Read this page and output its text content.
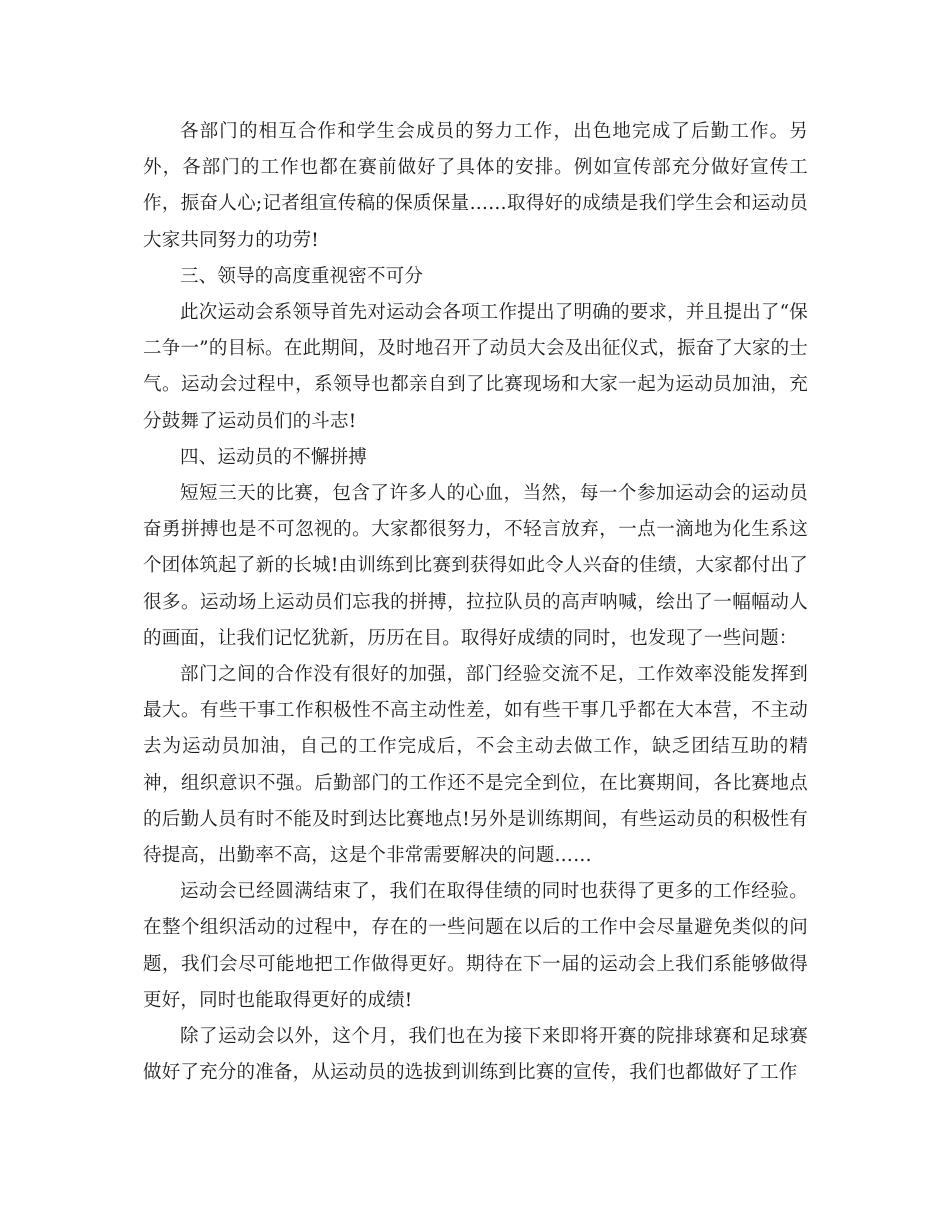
各部门的相互合作和学生会成员的努力工作，出色地完成了后勤工作。另外，各部门的工作也都在赛前做好了具体的安排。例如宣传部充分做好宣传工作，振奋人心;记者组宣传稿的保质保量……取得好的成绩是我们学生会和运动员大家共同努力的功劳!

三、领导的高度重视密不可分

此次运动会系领导首先对运动会各项工作提出了明确的要求，并且提出了“保二争一”的目标。在此期间，及时地召开了动员大会及出征仪式，振奋了大家的士气。运动会过程中，系领导也都亲自到了比赛现场和大家一起为运动员加油，充分鼓舞了运动员们的斗志!

四、运动员的不懈拼搏

短短三天的比赛，包含了许多人的心血，当然，每一个参加运动会的运动员奋勇拼搏也是不可忽视的。大家都很努力，不轻言放弃，一点一滴地为化生系这个团体筑起了新的长城!由训练到比赛到获得如此令人兴奋的佳绩，大家都付出了很多。运动场上运动员们忘我的拼搏，拉拉队员的高声呐喊，绘出了一幅幅动人的画面，让我们记忆犹新，历历在目。取得好成绩的同时，也发现了一些问题：

部门之间的合作没有很好的加强，部门经验交流不足，工作效率没能发挥到最大。有些干事工作积极性不高主动性差，如有些干事几乎都在大本营，不主动去为运动员加油，自己的工作完成后，不会主动去做工作，缺乏团结互助的精神，组织意识不强。后勤部门的工作还不是完全到位，在比赛期间，各比赛地点的后勤人员有时不能及时到达比赛地点!另外是训练期间，有些运动员的积极性有待提高，出勤率不高，这是个非常需要解决的问题……

运动会已经圆满结束了，我们在取得佳绩的同时也获得了更多的工作经验。在整个组织活动的过程中，存在的一些问题在以后的工作中会尽量避免类似的问题，我们会尽可能地把工作做得更好。期待在下一届的运动会上我们系能够做得更好，同时也能取得更好的成绩!

除了运动会以外，这个月，我们也在为接下来即将开赛的院排球赛和足球赛做好了充分的准备，从运动员的选拔到训练到比赛的宣传，我们也都做好了工作
